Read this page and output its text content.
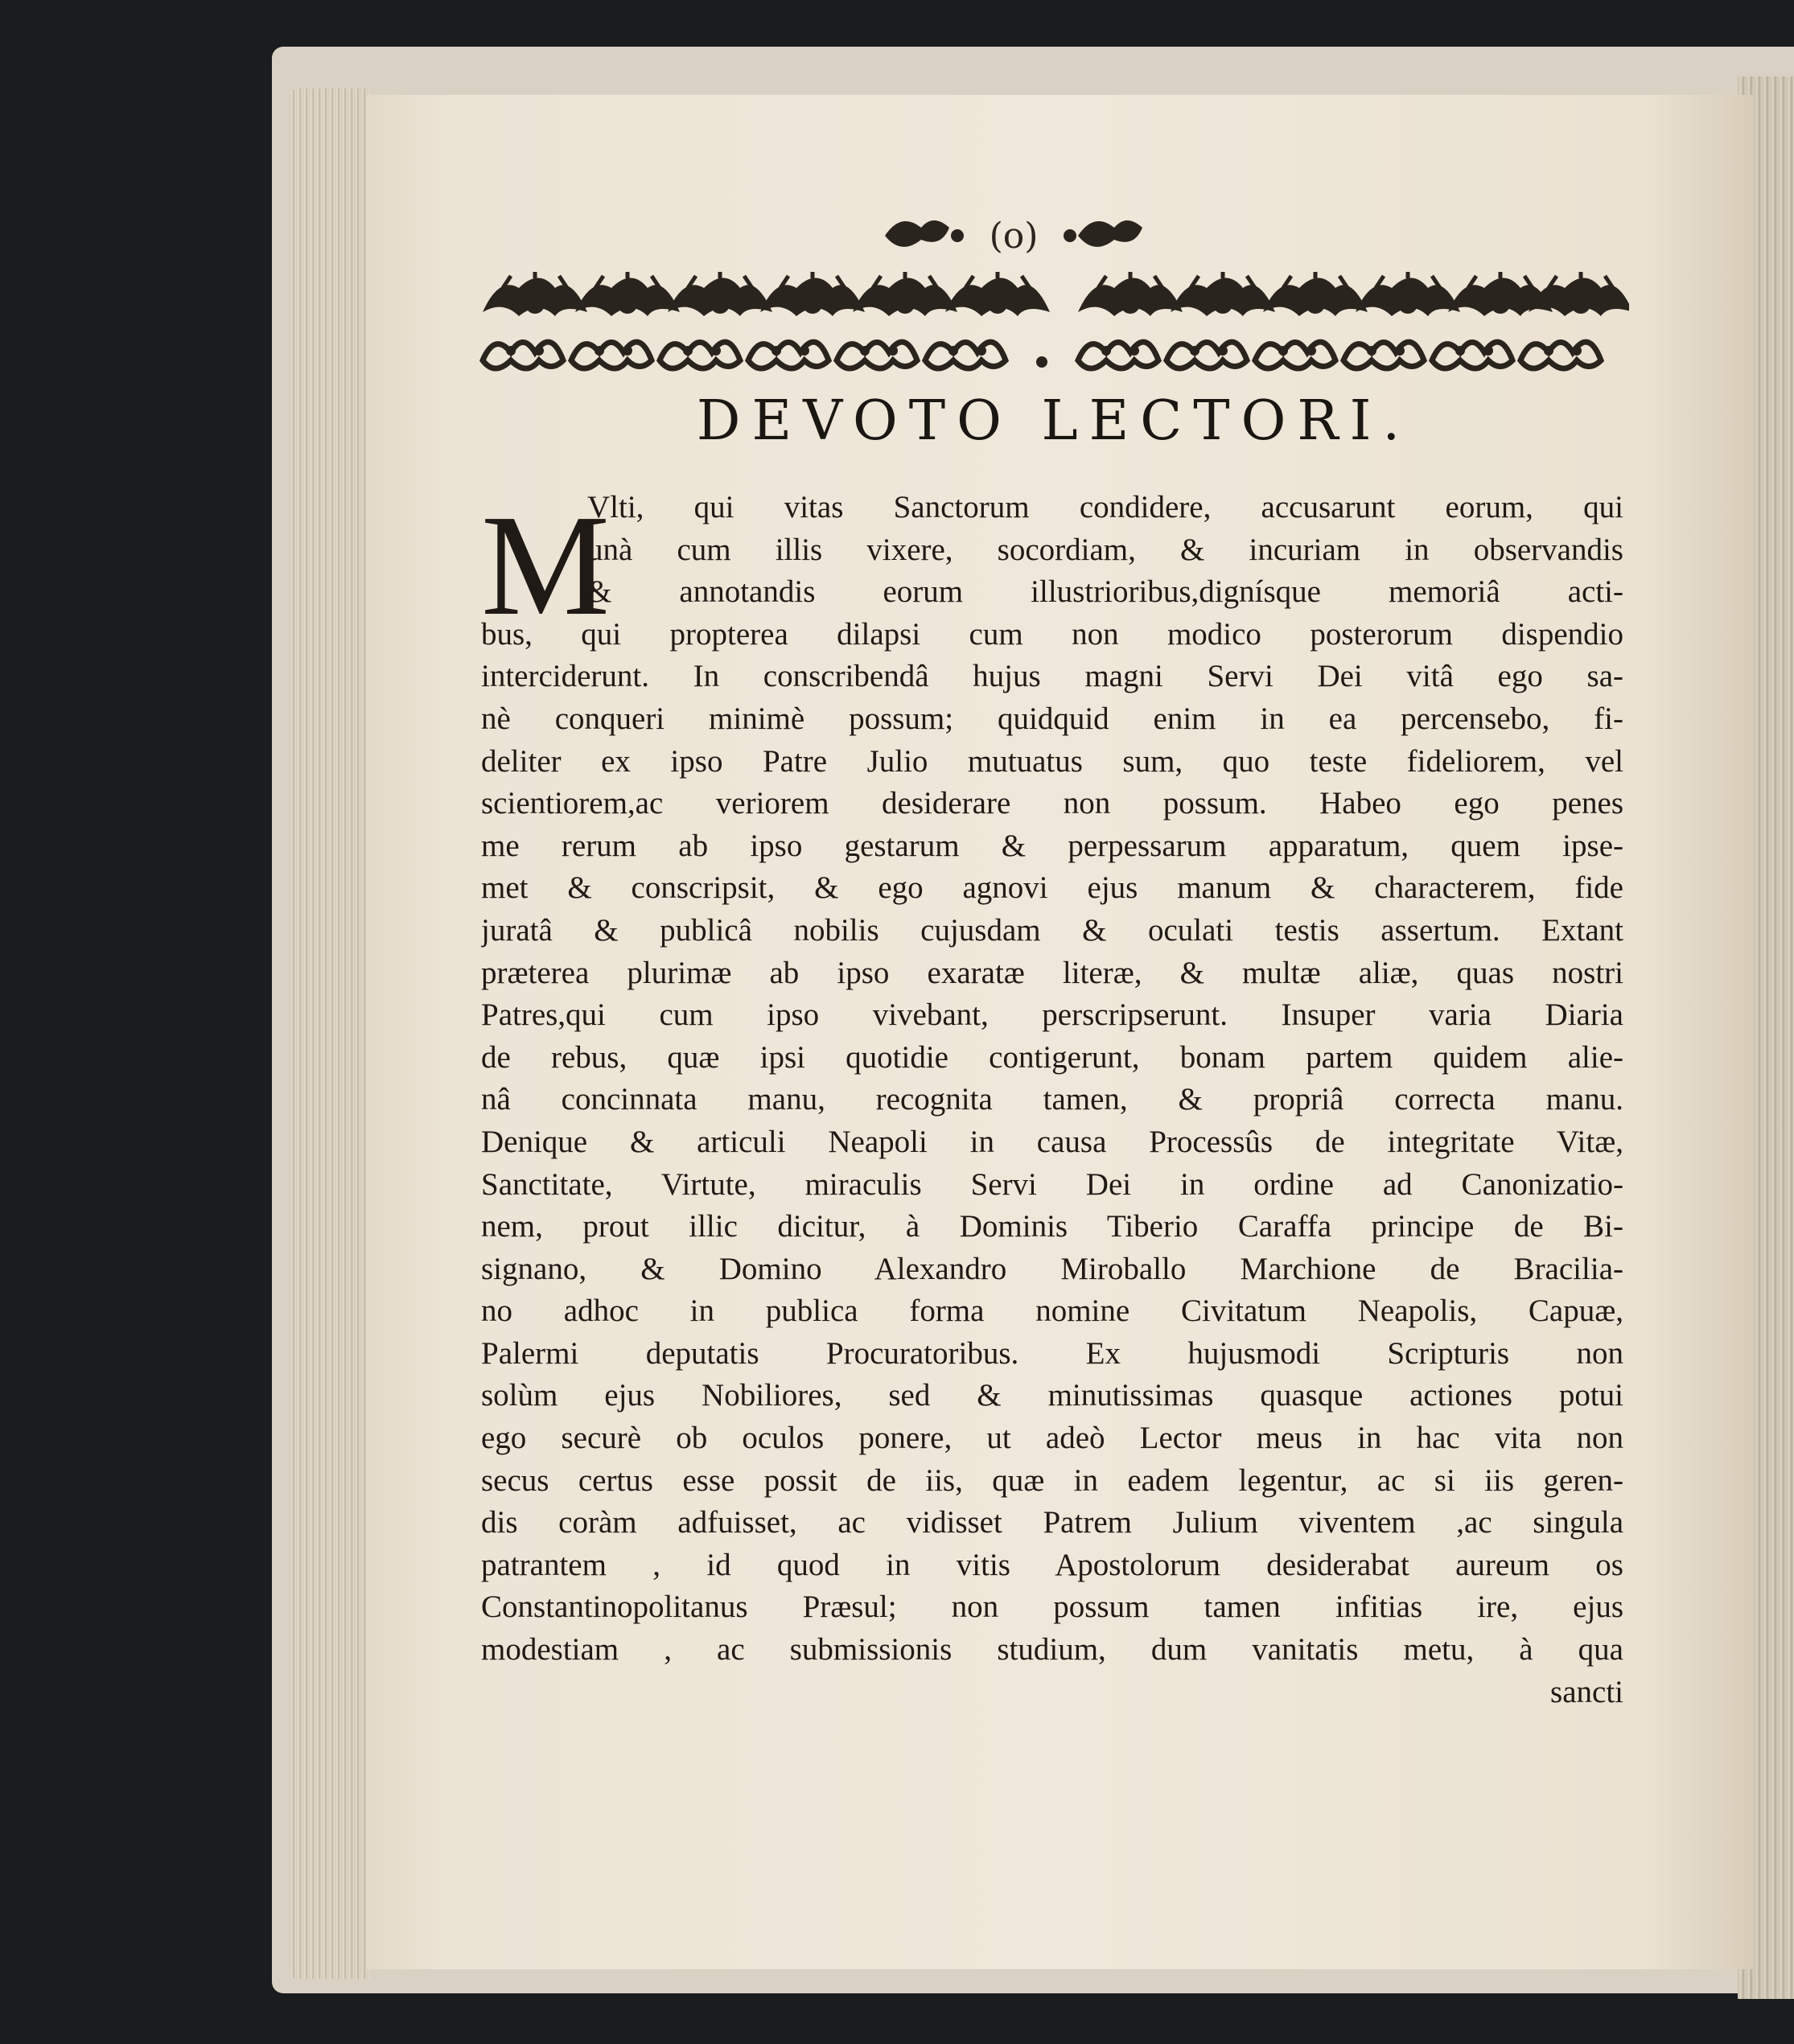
(o)
DEVOTO LECTORI.
M
Vlti, qui vitas Sanctorum condidere, accusarunt eorum, qui
unà cum illis vixere, socordiam, & incuriam in observandis
& annotandis eorum illustrioribus,dignísque memoriâ acti-
bus, qui propterea dilapsi cum non modico posterorum dispendio
interciderunt. In conscribendâ hujus magni Servi Dei vitâ ego sa-
nè conqueri minimè possum; quidquid enim in ea percensebo, fi-
deliter ex ipso Patre Julio mutuatus sum, quo teste fideliorem, vel
scientiorem,ac veriorem desiderare non possum. Habeo ego penes
me rerum ab ipso gestarum & perpessarum apparatum, quem ipse-
met & conscripsit, & ego agnovi ejus manum & characterem, fide
juratâ & publicâ nobilis cujusdam & oculati testis assertum. Extant
præterea plurimæ ab ipso exaratæ literæ, & multæ aliæ, quas nostri
Patres,qui cum ipso vivebant, perscripserunt. Insuper varia Diaria
de rebus, quæ ipsi quotidie contigerunt, bonam partem quidem alie-
nâ concinnata manu, recognita tamen, & propriâ correcta manu.
Denique & articuli Neapoli in causa Processûs de integritate Vitæ,
Sanctitate, Virtute, miraculis Servi Dei in ordine ad Canonizatio-
nem, prout illic dicitur, à Dominis Tiberio Caraffa principe de Bi-
signano, & Domino Alexandro Miroballo Marchione de Bracilia-
no adhoc in publica forma nomine Civitatum Neapolis, Capuæ,
Palermi deputatis Procuratoribus. Ex hujusmodi Scripturis non
solùm ejus Nobiliores, sed & minutissimas quasque actiones potui
ego securè ob oculos ponere, ut adeò Lector meus in hac vita non
secus certus esse possit de iis, quæ in eadem legentur, ac si iis geren-
dis coràm adfuisset, ac vidisset Patrem Julium viventem ,ac singula
patrantem , id quod in vitis Apostolorum desiderabat aureum os
Constantinopolitanus Præsul; non possum tamen infitias ire, ejus
modestiam , ac submissionis studium, dum vanitatis metu, à qua
sancti
